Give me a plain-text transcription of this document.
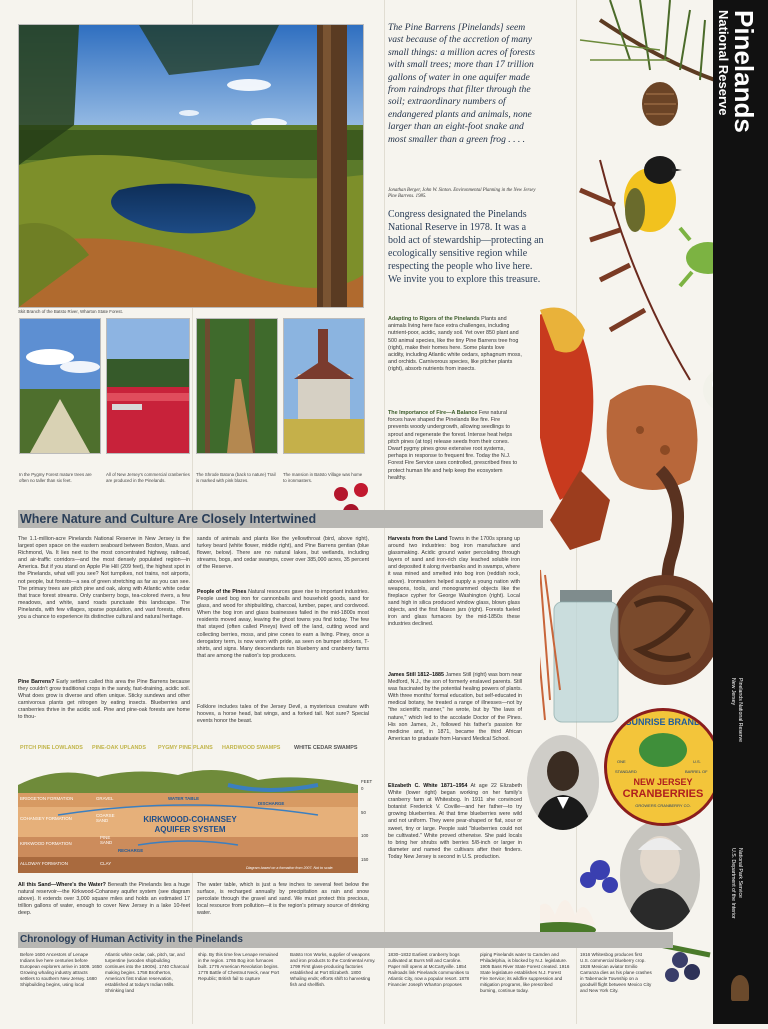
Skit Branch of the Batsto River, Wharton State Forest.
In the Pygmy Forest mature trees are often no taller than six feet.
All of New Jersey's commercial cranberries are produced in the Pinelands.
The Shrode Batona (back to nature) Trail is marked with pink blazes.
The mansion in Batsto Village was home to ironmasters.
The Pine Barrens [Pinelands] seem vast because of the accretion of many small things: a million acres of forests with small trees; more than 17 trillion gallons of water in one aquifer made from raindrops that filter through the soil; extraordinary numbers of endangered plants and animals, none larger than an eight-foot snake and most smaller than a green frog . . . .
Jonathan Berger, John W. Sinton. Environmental Planning in the New Jersey Pine Barrens. 1985.
Congress designated the Pinelands National Reserve in 1978. It was a bold act of stewardship—protecting an ecologically sensitive region while respecting the people who live here. We invite you to explore this treasure.
Adapting to Rigors of the Pinelands Plants and animals living here face extra challenges, including nutrient-poor, acidic, sandy soil. Yet over 850 plant and 500 animal species, like the tiny Pine Barrens tree frog (right), make their homes here. Some plants love acidity, including Atlantic white cedars, sphagnum moss, and orchids. Carnivorous species, like pitcher plants (right), absorb nutrients from insects.
The Importance of Fire—A Balance Few natural forces have shaped the Pinelands like fire. Fire prevents woody undergrowth, allowing seedlings to sprout and regenerate the forest. Intense heat helps pitch pines (at top) release seeds from their cones. Dwarf pygmy pines grow extensive root systems, perhaps in response to frequent fire. Today the N.J. Forest Fire Service uses controlled, prescribed fires to protect human life and help keep the ecosystem healthy.
SUNRISE BRAND
ONE	U.S.
STANDARD	BARREL OF
NEW JERSEY
CRANBERRIES
GROWERS CRANBERRY CO.
Pinelands
National Reserve
Pinelands National Reserve
New Jersey
National Park Service
U.S. Department of the Interior
Where Nature and Culture Are Closely Intertwined
The 1.1-million-acre Pinelands National Reserve in New Jersey is the largest open space on the eastern seaboard between Boston, Mass. and Richmond, Va. It lies next to the most concentrated highway, railroad, and air-traffic corridors—and the most densely populated region—in America. But if you stand on Apple Pie Hill (209 feet), the highest spot in the Pinelands, what will you see? Not turnpikes, not trains, not airports, not people, but forests—a sea of green stretching as far as you can see. The primary trees are pitch pine and oak, along with Atlantic white cedar that trace forest streams. Only cranberry bogs, tea-colored rivers, a few meadows, and white, sand roads punctuate this landscape. The Pinelands, with few villages, sparse population, and vast forests, offers you a chance to experience its distinctive cultural and natural heritage.
Pine Barrens? Early settlers called this area the Pine Barrens because they couldn't grow traditional crops in the sandy, fast-draining, acidic soil. What does grow is diverse and often unique. Sticky sundews and other carnivorous plants get nitrogen by eating insects. Blueberries and cranberries thrive in the acidic soil. Pine and pine-oak forests are home to thou-
sands of animals and plants like the yellowthroat (bird, above right), turkey beard (white flower, middle right), and Pine Barrens gentian (blue flower, below). There are no natural lakes, but wetlands, including streams, bogs, and cedar swamps, cover over 385,000 acres, 35 percent of the Reserve.
People of the Pines Natural resources gave rise to important industries. People used bog iron for cannonballs and household goods, sand for glass, and wood for shipbuilding, charcoal, lumber, paper, and cordwood. When the bog iron and glass businesses failed in the mid-1800s most residents moved away, leaving the ghost towns you find today. The few that stayed (often called Pineys) lived off the land, cutting wood and collecting berries, moss, and pine cones to earn a living. Piney, once a derogatory term, is now worn with pride, as seen on bumper stickers, T-shirts, and signs. Many descendants run blueberry and cranberry farms that are among the nation's top producers.
Folklore includes tales of the Jersey Devil, a mysterious creature with hooves, a horse head, bat wings, and a forked tail. Not sure? Special events honor the beast.
Harvests from the Land Towns in the 1700s sprang up around two industries: bog iron manufacture and glassmaking. Acidic ground water percolating through layers of sand and iron-rich clay leached soluble iron and deposited it along riverbanks and in swamps, where it was mined and smelted into bog iron (reddish rock, above). Ironmasters helped supply a young nation with weapons, tools, and monogrammed objects like the fireplace cypher for George Washington (right). Local sand high in silica produced window glass, blown glass objects, and the first Mason jars (right). Forests fueled iron and glass furnaces by the mid-1850s these industries declined.
James Still 1812–1885 James Still (right) was born near Medford, N.J., the son of formerly enslaved parents. Still was fascinated by the potential healing powers of plants. With three months' formal education, but self-educated in medical botany, he treated a range of illnesses—not by "the scientific manner," he wrote, but by "the laws of nature," which led to the accolade Doctor of the Pines. His son James, Jr., followed his father's passion for medicine and, in 1871, became the third African American to graduate from Harvard Medical School.
Elizabeth C. White 1871–1954 At age 22 Elizabeth White (lower right) began working on her family's cranberry farm at Whitesbog. In 1911 she convinced botanist Frederick V. Coville—and her father—to try growing blueberries. At that time blueberries were wild and not uniform. They were pear-shaped or flat, sour or sweet, tiny or large. People said "blueberries could not be cultivated." White proved otherwise. She paid locals to bring her shrubs with berries 5/8-inch or larger in diameter and named the cultivars after their finders. Today New Jersey is second in U.S. production.
PITCH PINE LOWLANDS PINE-OAK UPLANDS PYGMY PINE PLAINS HARDWOOD SWAMPS	WHITE CEDAR SWAMPS
BRIDGETON FORMATION
COHANSEY FORMATION
KIRKWOOD FORMATION
ALLOWAY FORMATION
GRAVEL
COARSE SAND
PINE SAND
CLAY
WATER TABLE
DISCHARGE
RECHARGE
KIRKWOOD-COHANSEY AQUIFER SYSTEM
FEET
0
50
100
150
Diagram based on a formation from 2007. Not to scale.
All this Sand—Where's the Water? Beneath the Pinelands lies a huge natural reservoir—the Kirkwood-Cohansey aquifer system (see diagram above). It extends over 3,000 square miles and holds an estimated 17 trillion gallons of water, enough to cover New Jersey in a lake 10-feet deep.
The water table, which is just a few inches to several feet below the surface, is recharged annually by precipitation as rain and snow percolate through the gravel and sand. We must protect this precious, local resource from pollution—it is the region's primary source of drinking water.
Chronology of Human Activity in the Pinelands
Before 1600 Ancestors of Lenape Indians live here centuries before European explorers arrive in 1609. 1650 Growing whaling industry attracts settlers to southern New Jersey. 1680 Shipbuilding begins, using local
Atlantic white cedar, oak, pitch, tar, and turpentine (wooden shipbuilding continues into the 1900s). 1740 Charcoal making begins. 1758 Brotherton, America's first Indian reservation, established at today's Indian Mills. Shrinking land
ship. By this time few Lenape remained in the region. 1765 Bog iron furnaces built. 1776 American Revolution begins. 1778 Battle of Chestnut Neck, near Port Republic; British fail to capture
Batsto Iron Works, supplier of weapons and iron products to the Continental Army. 1799 First glass-producing factories established at Port Elizabeth. 1800 Whaling ends; efforts shift to harvesting fish and shellfish.
1830–1832 Earliest cranberry bogs cultivated at Burrs Mill and Caroline. Paper mill opens at McCartyville. 1854 Railroads link Pinelands communities to Atlantic City, now a popular resort. 1878 Financier Joseph Wharton proposes
piping Pinelands water to Camden and Philadelphia, is blocked by N.J. legislature. 1905 Bass River State Forest created. 1916 State legislature establishes N.J. Forest Fire Service; its wildfire suppression and mitigation programs, like prescribed burning, continue today.
1916 Whitesbog produces first U.S. commercial blueberry crop. 1928 Mexican aviator Emilio Carranza dies as his plane crashes in Tabernacle Township on a goodwill flight between Mexico City and New York City.
